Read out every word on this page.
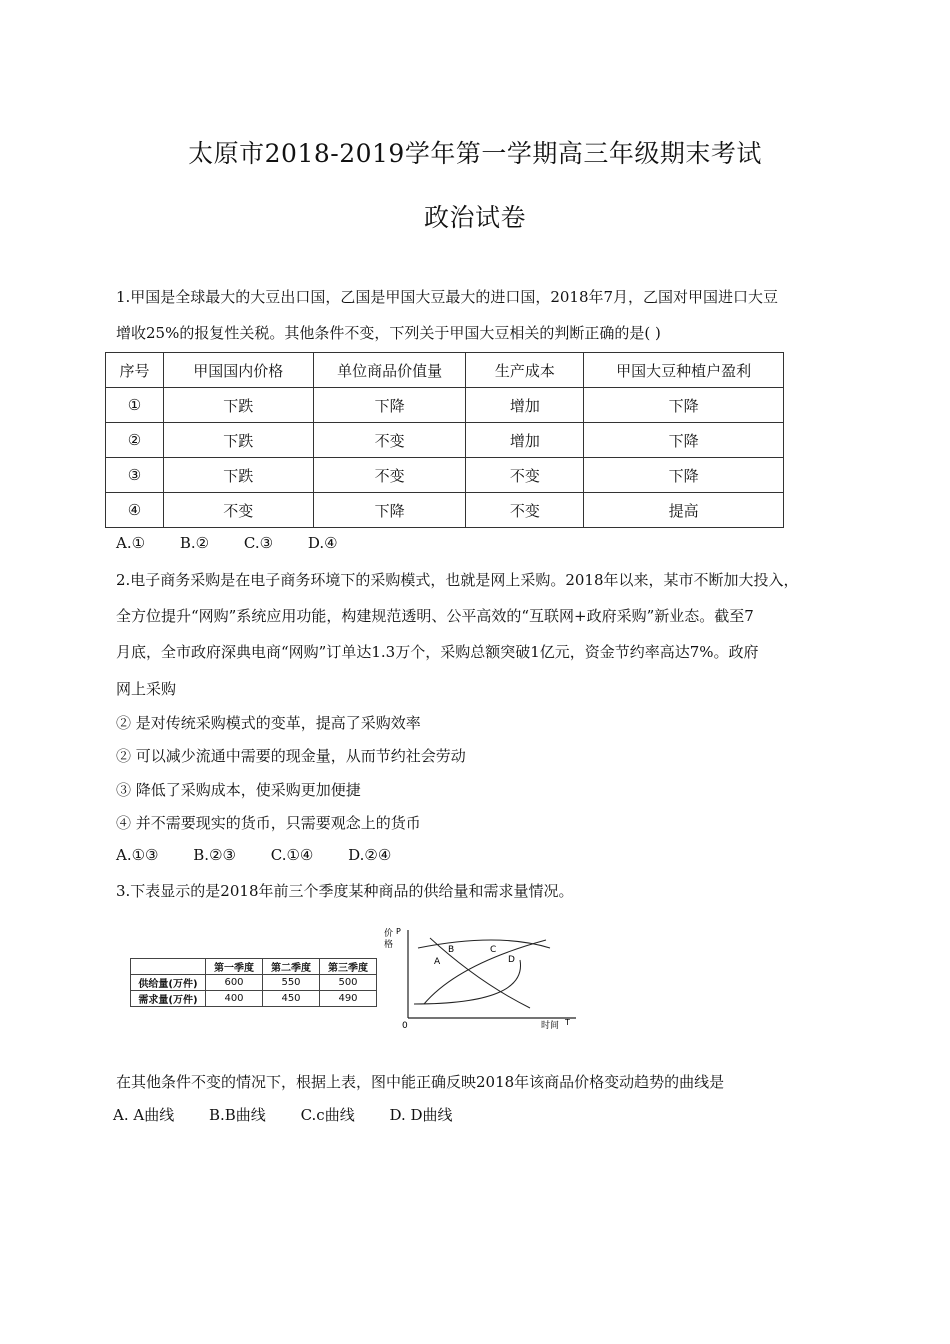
太原市2018-2019学年第一学期高三年级期末考试
政治试卷
1.甲国是全球最大的大豆出口国，乙国是甲国大豆最大的进口国，2018年7月，乙国对甲国进口大豆
增收25%的报复性关税。其他条件不变，下列关于甲国大豆相关的判断正确的是( )
序号	甲国国内价格	单位商品价值量	生产成本	甲国大豆种植户盈利
①	下跌	下降	增加	下降
②	下跌	不变	增加	下降
③	下跌	不变	不变	下降
④	不变	下降	不变	提高
A.① B.② C.③ D.④
2.电子商务采购是在电子商务环境下的采购模式，也就是网上采购。2018年以来，某市不断加大投入，
全方位提升“网购”系统应用功能，构建规范透明、公平高效的“互联网+政府采购”新业态。截至7
月底，全市政府深典电商“网购”订单达1.3万个，采购总额突破1亿元，资金节约率高达7%。政府
网上采购
② 是对传统采购模式的变革，提高了采购效率
② 可以减少流通中需要的现金量，从而节约社会劳动
③ 降低了采购成本，使采购更加便捷
④ 并不需要现实的货币，只需要观念上的货币
A.①③ B.②③ C.①④ D.②④
3.下表显示的是2018年前三个季度某种商品的供给量和需求量情况。
	第一季度	第二季度	第三季度
供给量(万件)	600	550	500
需求量(万件)	400	450	490
价
格
P
0	时间 T
A
B	C
D
在其他条件不变的情况下，根据上表，图中能正确反映2018年该商品价格变动趋势的曲线是
A. A曲线 B.B曲线 C.c曲线 D. D曲线
